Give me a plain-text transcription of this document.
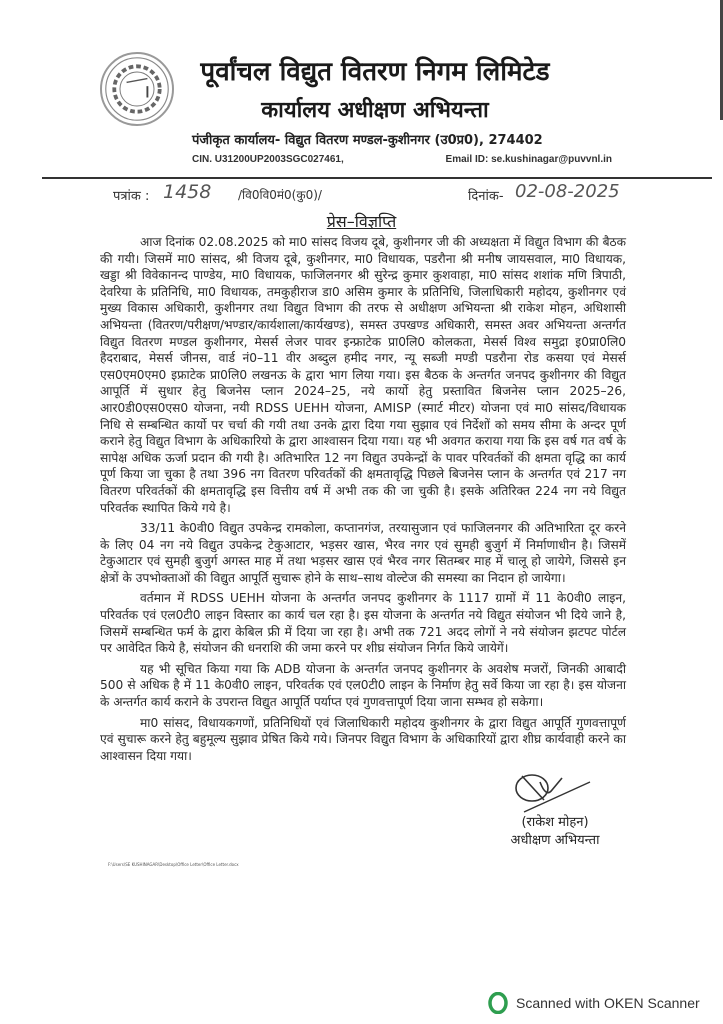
पूर्वांचल विद्युत वितरण निगम लिमिटेड
कार्यालय अधीक्षण अभियन्ता
पंजीकृत कार्यालय- विद्युत वितरण मण्डल-कुशीनगर (उ0प्र0), 274402
CIN. U31200UP2003SGC027461,	Email ID: se.kushinagar@puvvnl.in
पत्रांक : 1458 /वि0वि0मं0(कु0)/	दिनांक- 02-08-2025
प्रेस–विज्ञप्ति

आज दिनांक 02.08.2025 को मा0 सांसद विजय दूबे, कुशीनगर जी की अध्यक्षता में विद्युत विभाग की बैठक की गयी। जिसमें मा0 सांसद, श्री विजय दूबे, कुशीनगर, मा0 विधायक, पडरौना श्री मनीष जायसवाल, मा0 विधायक, खड्डा श्री विवेकानन्द पाण्डेय, मा0 विधायक, फाजिलनगर श्री सुरेन्द्र कुमार कुशवाहा, मा0 सांसद शशांक मणि त्रिपाठी, देवरिया के प्रतिनिधि, मा0 विधायक, तमकुहीराज डा0 असिम कुमार के प्रतिनिधि, जिलाधिकारी महोदय, कुशीनगर एवं मुख्य विकास अधिकारी, कुशीनगर तथा विद्युत विभाग की तरफ से अधीक्षण अभियन्ता श्री राकेश मोहन, अधिशासी अभियन्ता (वितरण/परीक्षण/भण्डार/कार्यशाला/कार्यखण्ड), समस्त उपखण्ड अधिकारी, समस्त अवर अभियन्ता अन्तर्गत विद्युत वितरण मण्डल कुशीनगर, मेसर्स लेजर पावर इन्फ्राटेक प्रा0लि0 कोलकता, मेसर्स विश्व समुद्रा इ0प्रा0लि0 हैदराबाद, मेसर्स जीनस, वार्ड नं0–11 वीर अब्दुल हमीद नगर, न्यू सब्जी मण्डी पडरौना रोड कसया एवं मेसर्स एस0एम0एम0 इफ्राटेक प्रा0लि0 लखनऊ के द्वारा भाग लिया गया। इस बैठक के अन्तर्गत जनपद कुशीनगर की विद्युत आपूर्ति में सुधार हेतु बिजनेस प्लान 2024–25, नये कार्यो हेतु प्रस्तावित बिजनेस प्लान 2025–26, आर0डी0एस0एस0 योजना, नयी RDSS UEHH योजना, AMISP (स्मार्ट मीटर) योजना एवं मा0 सांसद/विधायक निधि से सम्बन्धित कार्यो पर चर्चा की गयी तथा उनके द्वारा दिया गया सुझाव एवं निर्देशों को समय सीमा के अन्दर पूर्ण कराने हेतु विद्युत विभाग के अधिकारियो के द्वारा आश्वासन दिया गया। यह भी अवगत कराया गया कि इस वर्ष गत वर्ष के सापेक्ष अधिक ऊर्जा प्रदान की गयी है। अतिभारित 12 नग विद्युत उपकेन्द्रों के पावर परिवर्तकों की क्षमता वृद्धि का कार्य पूर्ण किया जा चुका है तथा 396 नग वितरण परिवर्तकों की क्षमतावृद्धि पिछले बिजनेस प्लान के अन्तर्गत एवं 217 नग वितरण परिवर्तकों की क्षमतावृद्धि इस वित्तीय वर्ष में अभी तक की जा चुकी है। इसके अतिरिक्त 224 नग नये विद्युत परिवर्तक स्थापित किये गये है।

33/11 के0वी0 विद्युत उपकेन्द्र रामकोला, कप्तानगंज, तरयासुजान एवं फाजिलनगर की अतिभारिता दूर करने के लिए 04 नग नये विद्युत उपकेन्द्र टेकुआटार, भड़सर खास, भैरव नगर एवं सुमही बुजुर्ग में निर्माणाधीन है। जिसमें टेकुआटार एवं सुमही बुजुर्ग अगस्त माह में तथा भड़सर खास एवं भैरव नगर सितम्बर माह में चालू हो जायेगे, जिससे इन क्षेत्रों के उपभोक्ताओं की विद्युत आपूर्ति सुचारू होने के साथ–साथ वोल्टेज की समस्या का निदान हो जायेगा।

वर्तमान में RDSS UEHH योजना के अन्तर्गत जनपद कुशीनगर के 1117 ग्रामों में 11 के0वी0 लाइन, परिवर्तक एवं एल0टी0 लाइन विस्तार का कार्य चल रहा है। इस योजना के अन्तर्गत नये विद्युत संयोजन भी दिये जाने है, जिसमें सम्बन्धित फर्म के द्वारा केबिल फ्री में दिया जा रहा है। अभी तक 721 अदद लोगों ने नये संयोजन झटपट पोर्टल पर आवेदित किये है, संयोजन की धनराशि की जमा करने पर शीघ्र संयोजन निर्गत किये जायेगें।

यह भी सूचित किया गया कि ADB योजना के अन्तर्गत जनपद कुशीनगर के अवशेष मजरों, जिनकी आबादी 500 से अधिक है में 11 के0वी0 लाइन, परिवर्तक एवं एल0टी0 लाइन के निर्माण हेतु सर्वे किया जा रहा है। इस योजना के अन्तर्गत कार्य कराने के उपरान्त विद्युत आपूर्ति पर्याप्त एवं गुणवत्तापूर्ण दिया जाना सम्भव हो सकेगा।

मा0 सांसद, विधायकगणों, प्रतिनिधियों एवं जिलाधिकारी महोदय कुशीनगर के द्वारा विद्युत आपूर्ति गुणवत्तापूर्ण एवं सुचारू करने हेतु बहुमूल्य सुझाव प्रेषित किये गये। जिनपर विद्युत विभाग के अधिकारियों द्वारा शीघ्र कार्यवाही करने का आश्वासन दिया गया।

(राकेश मोहन)
अधीक्षण अभियन्ता
F:\Users\SE KUSHINAGAR\Desktop\Office Letter\Office Letter.docx
Scanned with OKEN Scanner
